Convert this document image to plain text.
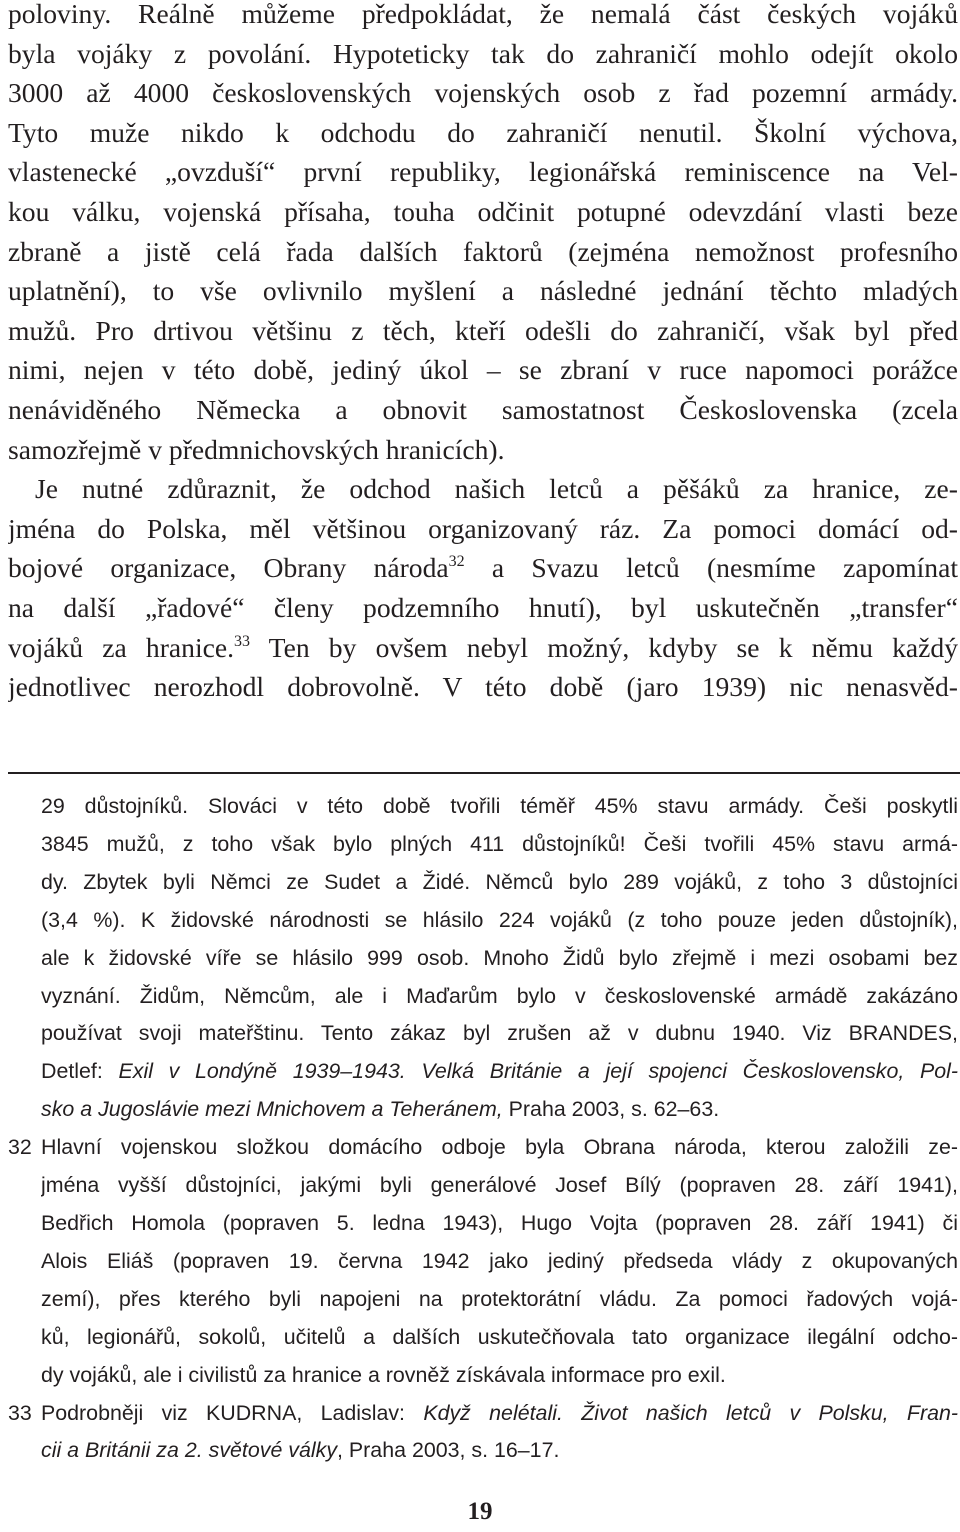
poloviny. Reálně můžeme předpokládat, že nemalá část českých vojáků
byla vojáky z povolání. Hypoteticky tak do zahraničí mohlo odejít okolo
3000 až 4000 československých vojenských osob z řad pozemní armády.
Tyto muže nikdo k odchodu do zahraničí nenutil. Školní výchova,
vlastenecké „ovzduší“ první republiky, legionářská reminiscence na Vel-
kou válku, vojenská přísaha, touha odčinit potupné odevzdání vlasti beze
zbraně a jistě celá řada dalších faktorů (zejména nemožnost profesního
uplatnění), to vše ovlivnilo myšlení a následné jednání těchto mladých
mužů. Pro drtivou většinu z těch, kteří odešli do zahraničí, však byl před
nimi, nejen v této době, jediný úkol – se zbraní v ruce napomoci porážce
nenáviděného Německa a obnovit samostatnost Československa (zcela
samozřejmě v předmnichovských hranicích).
Je nutné zdůraznit, že odchod našich letců a pěšáků za hranice, ze-
jména do Polska, měl většinou organizovaný ráz. Za pomoci domácí od-
bojové organizace, Obrany národa$^{32}$ a Svazu letců (nesmíme zapomínat
na další „řadové“ členy podzemního hnutí), byl uskutečněn „transfer“
vojáků za hranice.$^{33}$ Ten by ovšem nebyl možný, kdyby se k němu každý
jednotlivec nerozhodl dobrovolně. V této době (jaro 1939) nic nenasvěd-
29 důstojníků. Slováci v této době tvořili téměř 45% stavu armády. Češi poskytli
3845 mužů, z toho však bylo plných 411 důstojníků! Češi tvořili 45% stavu armá-
dy. Zbytek byli Němci ze Sudet a Židé. Němců bylo 289 vojáků, z toho 3 důstojníci
(3,4 %). K židovské národnosti se hlásilo 224 vojáků (z toho pouze jeden důstojník),
ale k židovské víře se hlásilo 999 osob. Mnoho Židů bylo zřejmě i mezi osobami bez
vyznání. Židům, Němcům, ale i Maďarům bylo v československé armádě zakázáno
používat svoji mateřštinu. Tento zákaz byl zrušen až v dubnu 1940. Viz BRANDES,
Detlef: Exil v Londýně 1939–1943. Velká Británie a její spojenci Československo, Pol-
sko a Jugoslávie mezi Mnichovem a Teheránem, Praha 2003, s. 62–63.
32 Hlavní vojenskou složkou domácího odboje byla Obrana národa, kterou založili ze-
jména vyšší důstojníci, jakými byli generálové Josef Bílý (popraven 28. září 1941),
Bedřich Homola (popraven 5. ledna 1943), Hugo Vojta (popraven 28. září 1941) či
Alois Eliáš (popraven 19. června 1942 jako jediný předseda vlády z okupovaných
zemí), přes kterého byli napojeni na protektorátní vládu. Za pomoci řadových vojá-
ků, legionářů, sokolů, učitelů a dalších uskutečňovala tato organizace ilegální odcho-
dy vojáků, ale i civilistů za hranice a rovněž získávala informace pro exil.
33 Podrobněji viz KUDRNA, Ladislav: Když nelétali. Život našich letců v Polsku, Fran-
cii a Británii za 2. světové války, Praha 2003, s. 16–17.
19
